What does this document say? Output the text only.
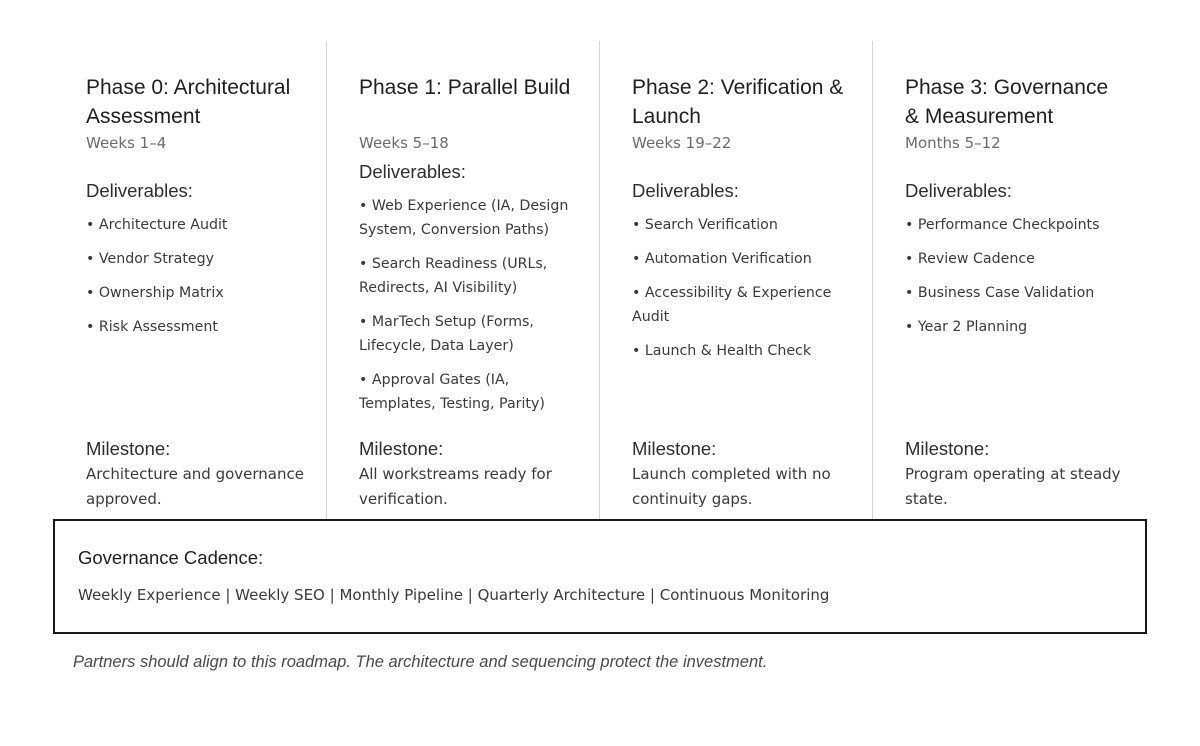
Phase 0: Architectural Assessment
Weeks 1–4
Deliverables:
• Architecture Audit
• Vendor Strategy
• Ownership Matrix
• Risk Assessment
Milestone:
Architecture and governance approved.
Phase 1: Parallel Build
Weeks 5–18
Deliverables:
• Web Experience (IA, Design System, Conversion Paths)
• Search Readiness (URLs, Redirects, AI Visibility)
• MarTech Setup (Forms, Lifecycle, Data Layer)
• Approval Gates (IA, Templates, Testing, Parity)
Milestone:
All workstreams ready for verification.
Phase 2: Verification & Launch
Weeks 19–22
Deliverables:
• Search Verification
• Automation Verification
• Accessibility & Experience Audit
• Launch & Health Check
Milestone:
Launch completed with no continuity gaps.
Phase 3: Governance & Measurement
Months 5–12
Deliverables:
• Performance Checkpoints
• Review Cadence
• Business Case Validation
• Year 2 Planning
Milestone:
Program operating at steady state.
Governance Cadence:
Weekly Experience | Weekly SEO | Monthly Pipeline | Quarterly Architecture | Continuous Monitoring
Partners should align to this roadmap. The architecture and sequencing protect the investment.
